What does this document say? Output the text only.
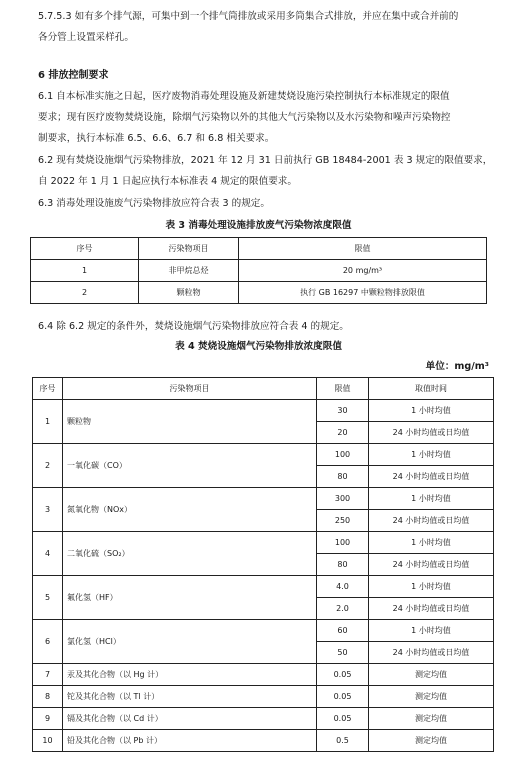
5.7.5.3 如有多个排气源，可集中到一个排气筒排放或采用多筒集合式排放，并应在集中或合并前的
各分管上设置采样孔。

6 排放控制要求

6.1 自本标准实施之日起，医疗废物消毒处理设施及新建焚烧设施污染控制执行本标准规定的限值
要求；现有医疗废物焚烧设施，除烟气污染物以外的其他大气污染物以及水污染物和噪声污染物控
制要求，执行本标准 6.5、6.6、6.7 和 6.8 相关要求。

6.2 现有焚烧设施烟气污染物排放，2021 年 12 月 31 日前执行 GB 18484-2001 表 3 规定的限值要求，
自 2022 年 1 月 1 日起应执行本标准表 4 规定的限值要求。

6.3 消毒处理设施废气污染物排放应符合表 3 的规定。

表 3 消毒处理设施排放废气污染物浓度限值
序号	污染物项目	限值
1	非甲烷总烃	20 mg/m³
2	颗粒物	执行 GB 16297 中颗粒物排放限值

6.4 除 6.2 规定的条件外，焚烧设施烟气污染物排放应符合表 4 的规定。

表 4 焚烧设施烟气污染物排放浓度限值
单位：mg/m³
序号	污染物项目	限值	取值时间
1	颗粒物	30	1 小时均值
		20	24 小时均值或日均值
2	一氧化碳（CO）	100	1 小时均值
		80	24 小时均值或日均值
3	氮氧化物（NOx）	300	1 小时均值
		250	24 小时均值或日均值
4	二氧化硫（SO₂）	100	1 小时均值
		80	24 小时均值或日均值
5	氟化氢（HF）	4.0	1 小时均值
		2.0	24 小时均值或日均值
6	氯化氢（HCl）	60	1 小时均值
		50	24 小时均值或日均值
7	汞及其化合物（以 Hg 计）	0.05	测定均值
8	铊及其化合物（以 Tl 计）	0.05	测定均值
9	镉及其化合物（以 Cd 计）	0.05	测定均值
10	铅及其化合物（以 Pb 计）	0.5	测定均值
